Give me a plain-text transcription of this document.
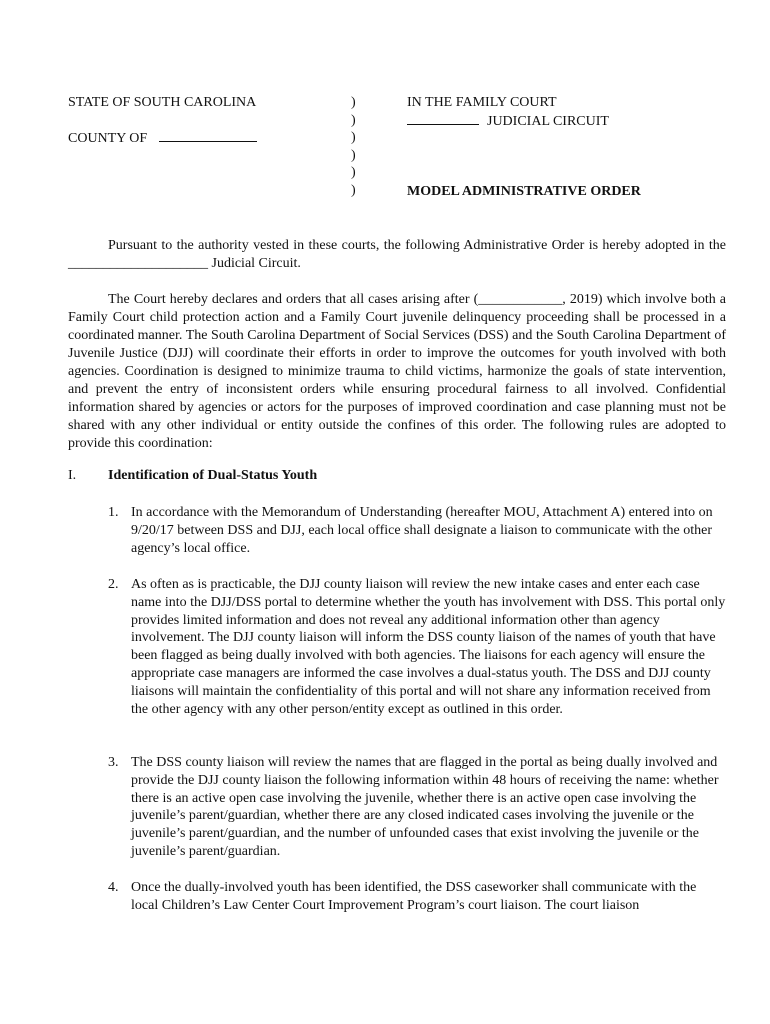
STATE OF SOUTH CAROLINA	)
)
COUNTY OF	)
)
)
)
IN THE FAMILY COURT
JUDICIAL CIRCUIT
MODEL ADMINISTRATIVE ORDER

Pursuant to the authority vested in these courts, the following Administrative Order is hereby adopted in the ____________________ Judicial Circuit.

The Court hereby declares and orders that all cases arising after (____________, 2019) which involve both a Family Court child protection action and a Family Court juvenile delinquency proceeding shall be processed in a coordinated manner. The South Carolina Department of Social Services (DSS) and the South Carolina Department of Juvenile Justice (DJJ) will coordinate their efforts in order to improve the outcomes for youth involved with both agencies. Coordination is designed to minimize trauma to child victims, harmonize the goals of state intervention, and prevent the entry of inconsistent orders while ensuring procedural fairness to all involved. Confidential information shared by agencies or actors for the purposes of improved coordination and case planning must not be shared with any other individual or entity outside the confines of this order. The following rules are adopted to provide this coordination:

I. Identification of Dual-Status Youth

1. In accordance with the Memorandum of Understanding (hereafter MOU, Attachment A) entered into on 9/20/17 between DSS and DJJ, each local office shall designate a liaison to communicate with the other agency’s local office.

2. As often as is practicable, the DJJ county liaison will review the new intake cases and enter each case name into the DJJ/DSS portal to determine whether the youth has involvement with DSS. This portal only provides limited information and does not reveal any additional information other than agency involvement. The DJJ county liaison will inform the DSS county liaison of the names of youth that have been flagged as being dually involved with both agencies. The liaisons for each agency will ensure the appropriate case managers are informed the case involves a dual-status youth. The DSS and DJJ county liaisons will maintain the confidentiality of this portal and will not share any information received from the other agency with any other person/entity except as outlined in this order.

3. The DSS county liaison will review the names that are flagged in the portal as being dually involved and provide the DJJ county liaison the following information within 48 hours of receiving the name: whether there is an active open case involving the juvenile, whether there is an active open case involving the juvenile’s parent/guardian, whether there are any closed indicated cases involving the juvenile or the juvenile’s parent/guardian, and the number of unfounded cases that exist involving the juvenile or the juvenile’s parent/guardian.

4. Once the dually-involved youth has been identified, the DSS caseworker shall communicate with the local Children’s Law Center Court Improvement Program’s court liaison. The court liaison
